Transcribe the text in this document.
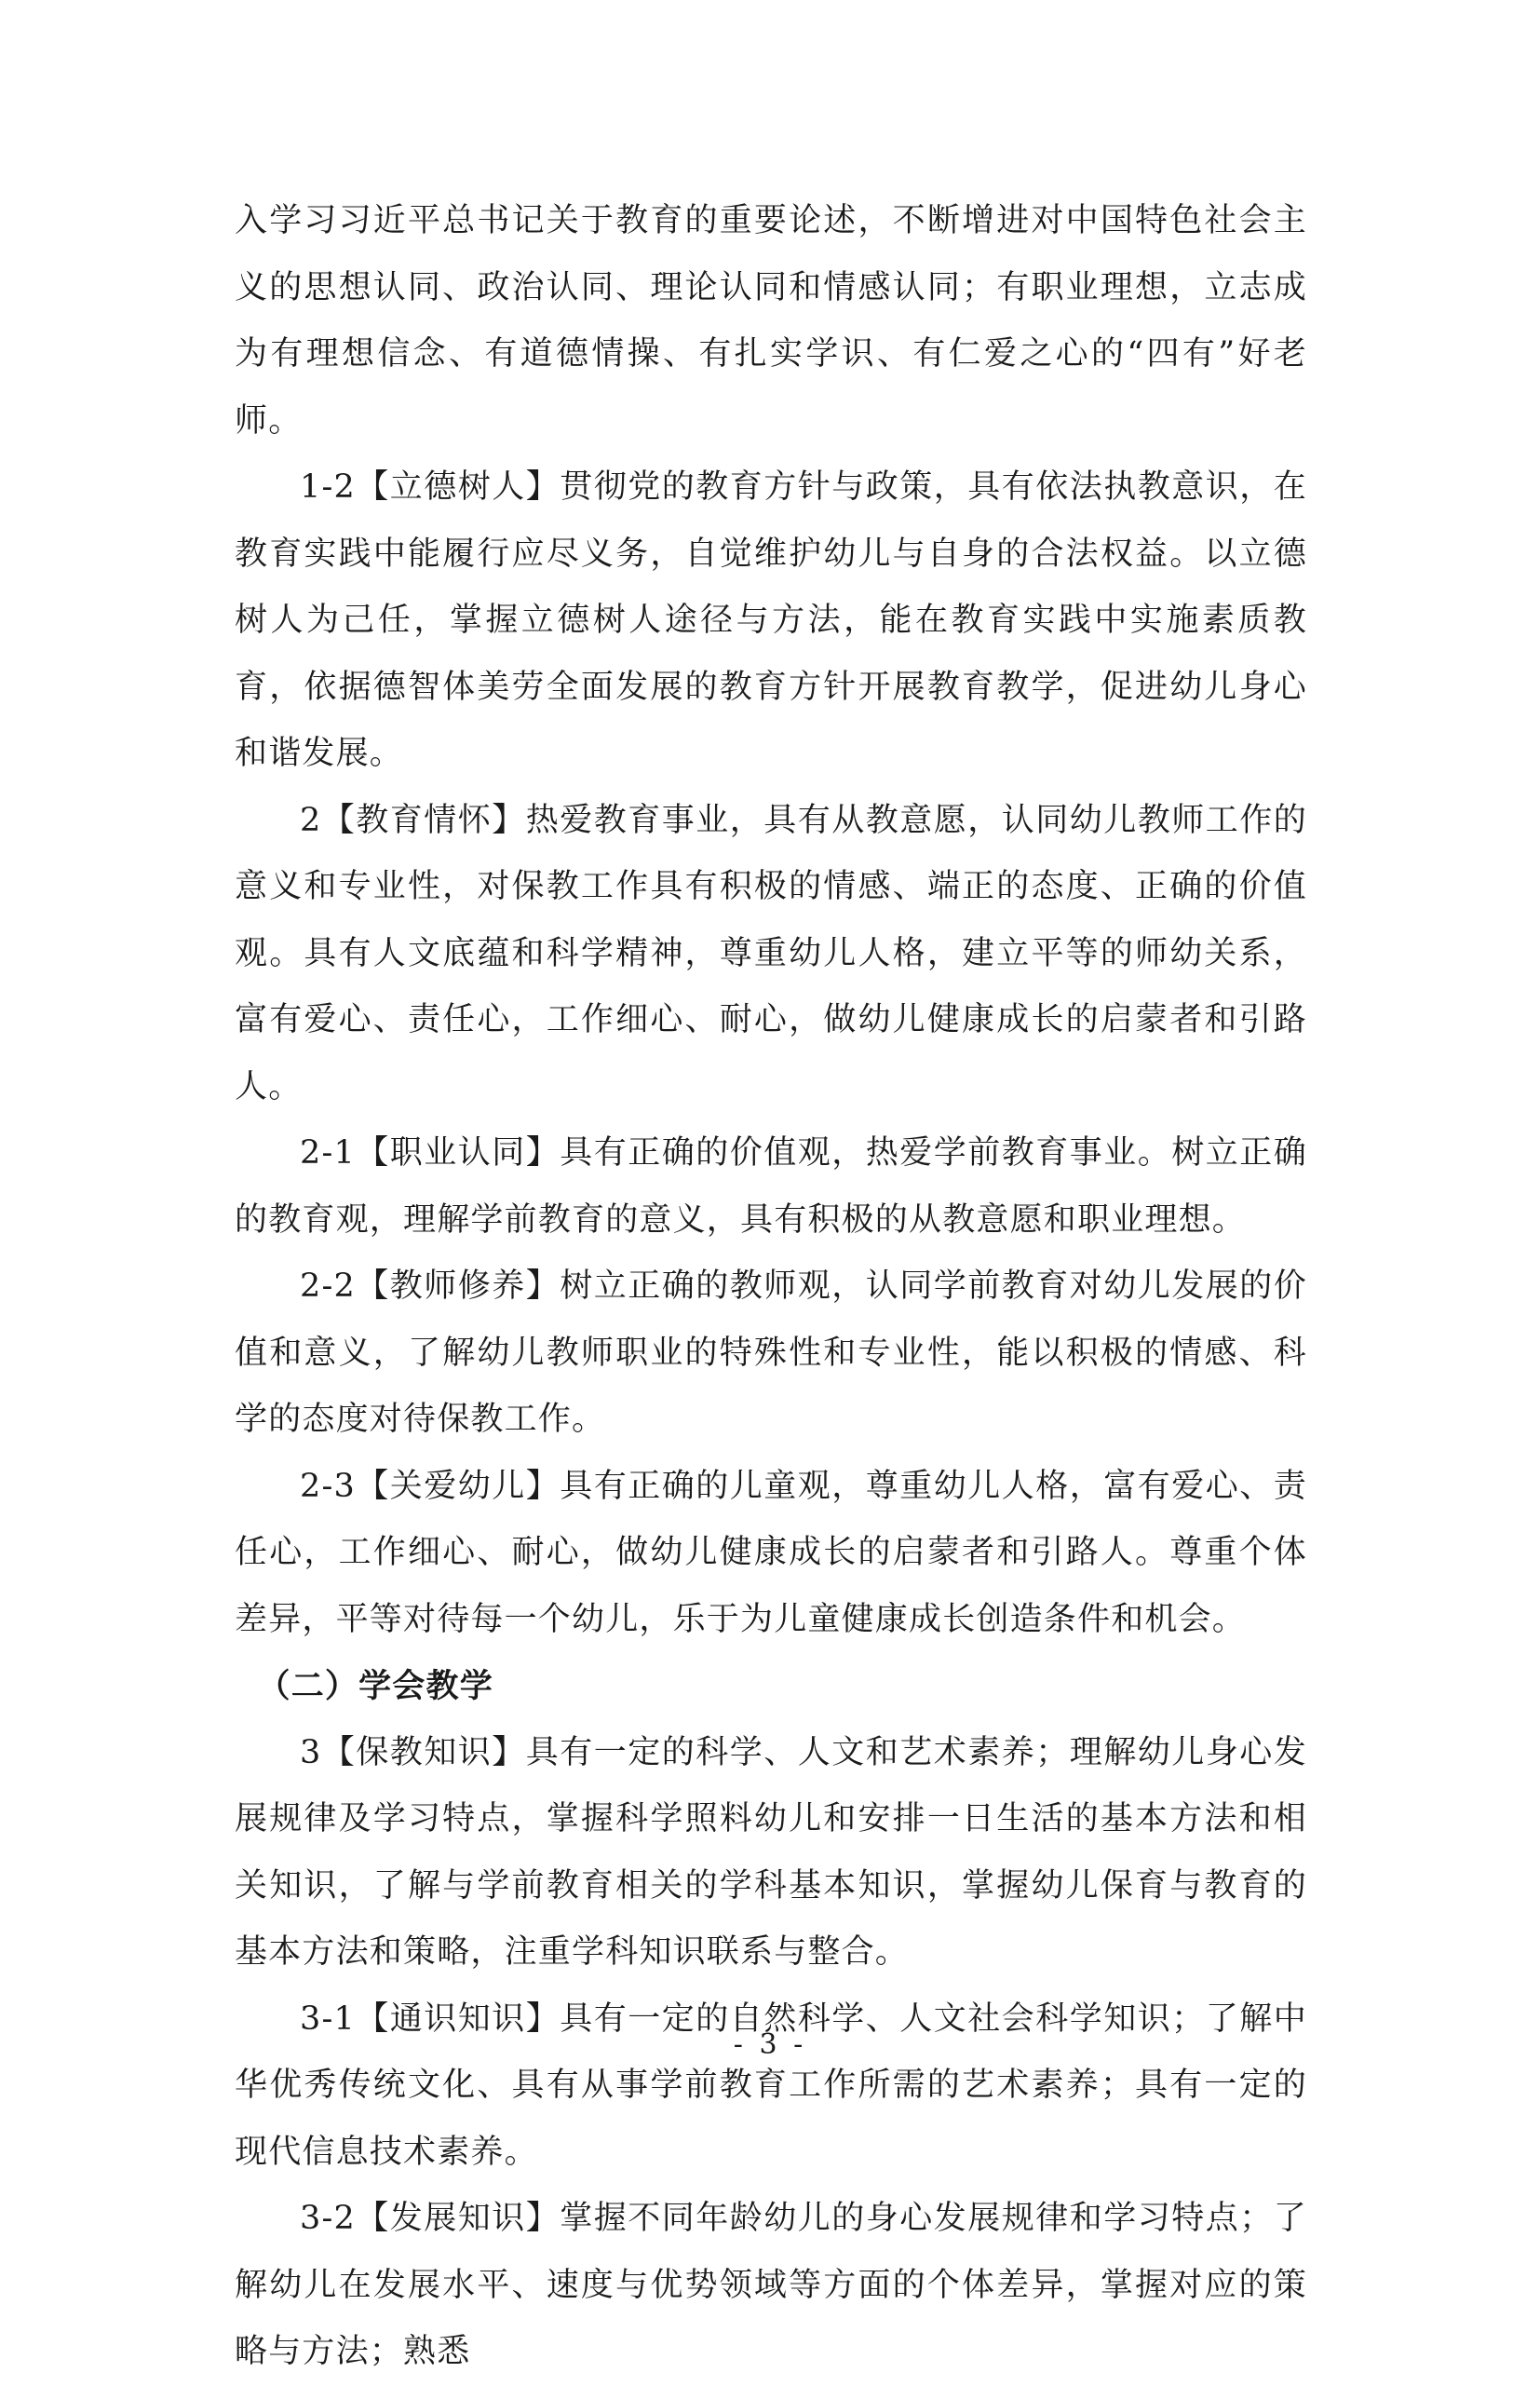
入学习习近平总书记关于教育的重要论述，不断增进对中国特色社会主义的思想认同、政治认同、理论认同和情感认同；有职业理想，立志成为有理想信念、有道德情操、有扎实学识、有仁爱之心的“四有”好老师。

1-2【立德树人】贯彻党的教育方针与政策，具有依法执教意识，在教育实践中能履行应尽义务，自觉维护幼儿与自身的合法权益。以立德树人为己任，掌握立德树人途径与方法，能在教育实践中实施素质教育，依据德智体美劳全面发展的教育方针开展教育教学，促进幼儿身心和谐发展。

2【教育情怀】热爱教育事业，具有从教意愿，认同幼儿教师工作的意义和专业性，对保教工作具有积极的情感、端正的态度、正确的价值观。具有人文底蕴和科学精神，尊重幼儿人格，建立平等的师幼关系，富有爱心、责任心，工作细心、耐心，做幼儿健康成长的启蒙者和引路人。

2-1【职业认同】具有正确的价值观，热爱学前教育事业。树立正确的教育观，理解学前教育的意义，具有积极的从教意愿和职业理想。

2-2【教师修养】树立正确的教师观，认同学前教育对幼儿发展的价值和意义，了解幼儿教师职业的特殊性和专业性，能以积极的情感、科学的态度对待保教工作。

2-3【关爱幼儿】具有正确的儿童观，尊重幼儿人格，富有爱心、责任心，工作细心、耐心，做幼儿健康成长的启蒙者和引路人。尊重个体差异，平等对待每一个幼儿，乐于为儿童健康成长创造条件和机会。

（二）学会教学

3【保教知识】具有一定的科学、人文和艺术素养；理解幼儿身心发展规律及学习特点，掌握科学照料幼儿和安排一日生活的基本方法和相关知识，了解与学前教育相关的学科基本知识，掌握幼儿保育与教育的基本方法和策略，注重学科知识联系与整合。

3-1【通识知识】具有一定的自然科学、人文社会科学知识；了解中华优秀传统文化、具有从事学前教育工作所需的艺术素养；具有一定的现代信息技术素养。

3-2【发展知识】掌握不同年龄幼儿的身心发展规律和学习特点；了解幼儿在发展水平、速度与优势领域等方面的个体差异，掌握对应的策略与方法；熟悉

- 3 -
